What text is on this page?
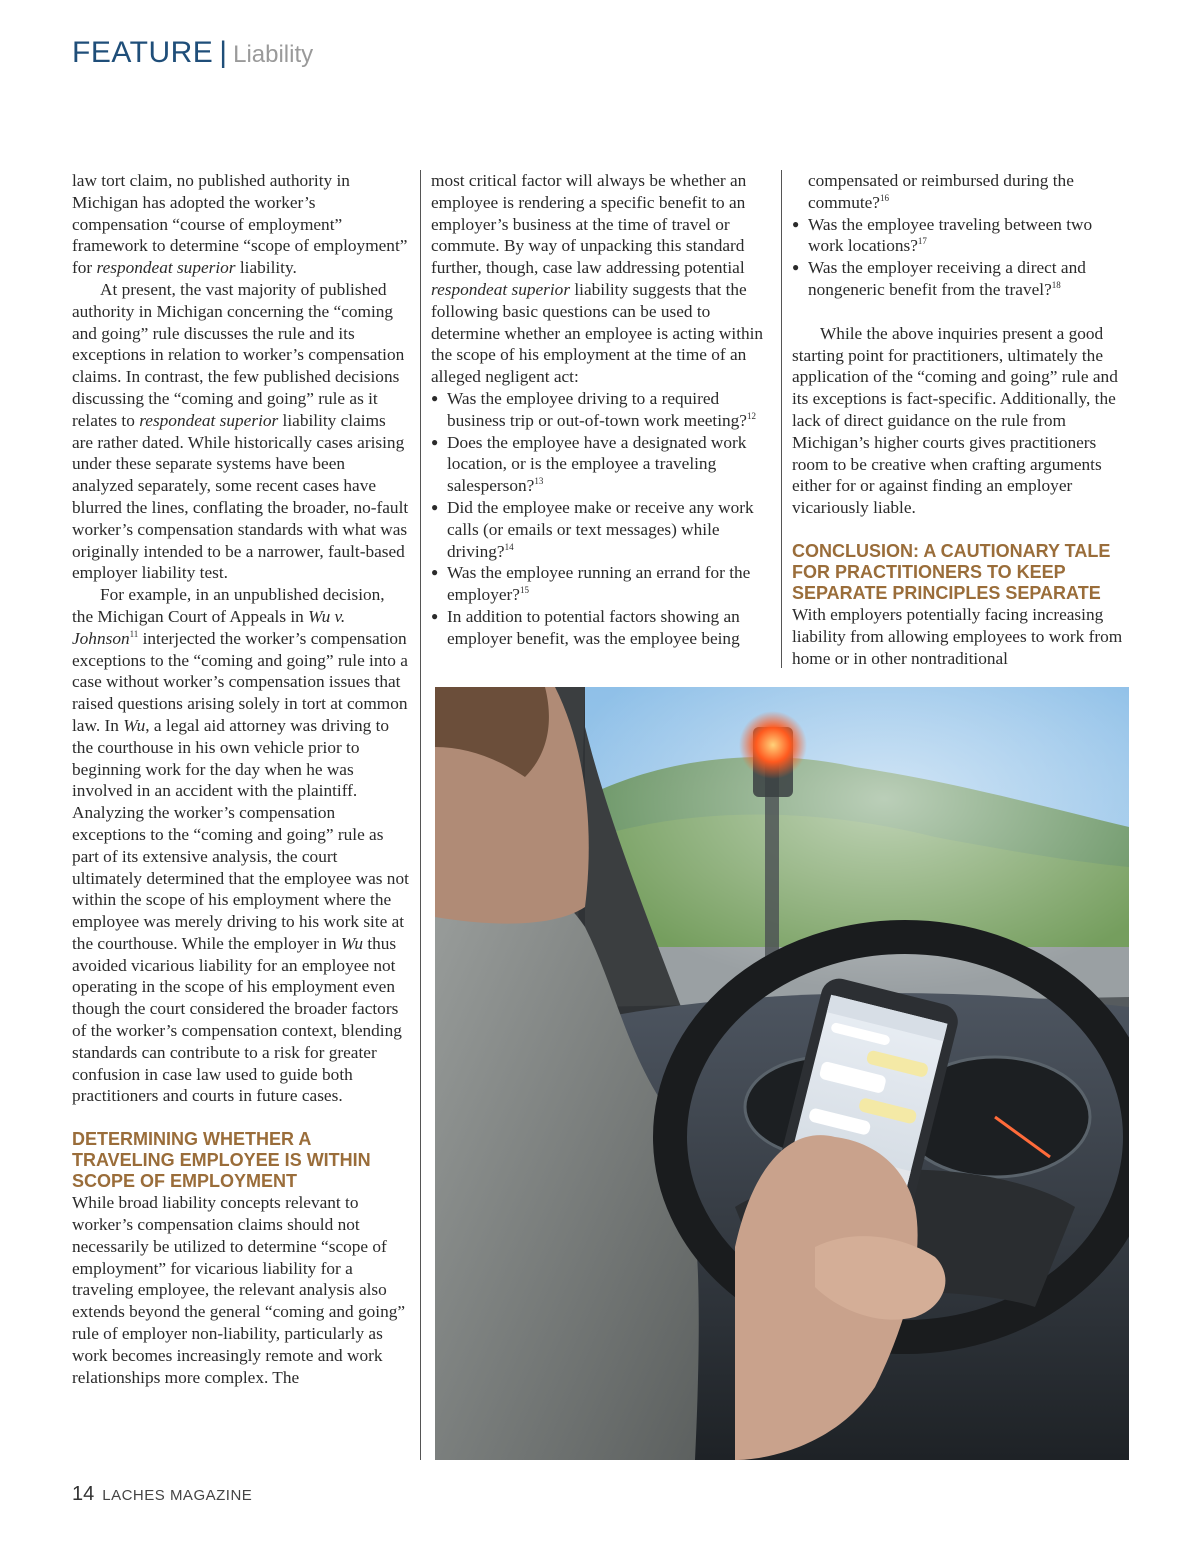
FEATURE | Liability

law tort claim, no published authority in Michigan has adopted the worker’s compensation “course of employment” framework to determine “scope of employment” for respondeat superior liability.

At present, the vast majority of published authority in Michigan concerning the “coming and going” rule discusses the rule and its exceptions in relation to worker’s compensation claims. In contrast, the few published decisions discussing the “coming and going” rule as it relates to respondeat superior liability claims are rather dated. While historically cases arising under these separate systems have been analyzed separately, some recent cases have blurred the lines, conflating the broader, no-fault worker’s compensation standards with what was originally intended to be a narrower, fault-based employer liability test.

For example, in an unpublished decision, the Michigan Court of Appeals in Wu v. Johnson$^{11}$ interjected the worker’s compensation exceptions to the “coming and going” rule into a case without worker’s compensation issues that raised questions arising solely in tort at common law. In Wu, a legal aid attorney was driving to the courthouse in his own vehicle prior to beginning work for the day when he was involved in an accident with the plaintiff. Analyzing the worker’s compensation exceptions to the “coming and going” rule as part of its extensive analysis, the court ultimately determined that the employee was not within the scope of his employment where the employee was merely driving to his work site at the courthouse. While the employer in Wu thus avoided vicarious liability for an employee not operating in the scope of his employment even though the court considered the broader factors of the worker’s compensation context, blending standards can contribute to a risk for greater confusion in case law used to guide both practitioners and courts in future cases.

DETERMINING WHETHER A TRAVELING EMPLOYEE IS WITHIN SCOPE OF EMPLOYMENT

While broad liability concepts relevant to worker’s compensation claims should not necessarily be utilized to determine “scope of employment” for vicarious liability for a traveling employee, the relevant analysis also extends beyond the general “coming and going” rule of employer non-liability, particularly as work becomes increasingly remote and work relationships more complex. The

most critical factor will always be whether an employee is rendering a specific benefit to an employer’s business at the time of travel or commute. By way of unpacking this standard further, though, case law addressing potential respondeat superior liability suggests that the following basic questions can be used to determine whether an employee is acting within the scope of his employment at the time of an alleged negligent act:

● Was the employee driving to a required business trip or out-of-town work meeting?$^{12}$
● Does the employee have a designated work location, or is the employee a traveling salesperson?$^{13}$
● Did the employee make or receive any work calls (or emails or text messages) while driving?$^{14}$
● Was the employee running an errand for the employer?$^{15}$
● In addition to potential factors showing an employer benefit, was the employee being
compensated or reimbursed during the commute?$^{16}$
● Was the employee traveling between two work locations?$^{17}$
● Was the employer receiving a direct and nongeneric benefit from the travel?$^{18}$

While the above inquiries present a good starting point for practitioners, ultimately the application of the “coming and going” rule and its exceptions is fact-specific. Additionally, the lack of direct guidance on the rule from Michigan’s higher courts gives practitioners room to be creative when crafting arguments either for or against finding an employer vicariously liable.

CONCLUSION: A CAUTIONARY TALE FOR PRACTITIONERS TO KEEP SEPARATE PRINCIPLES SEPARATE

With employers potentially facing increasing liability from allowing employees to work from home or in other nontraditional

14 LACHES MAGAZINE
